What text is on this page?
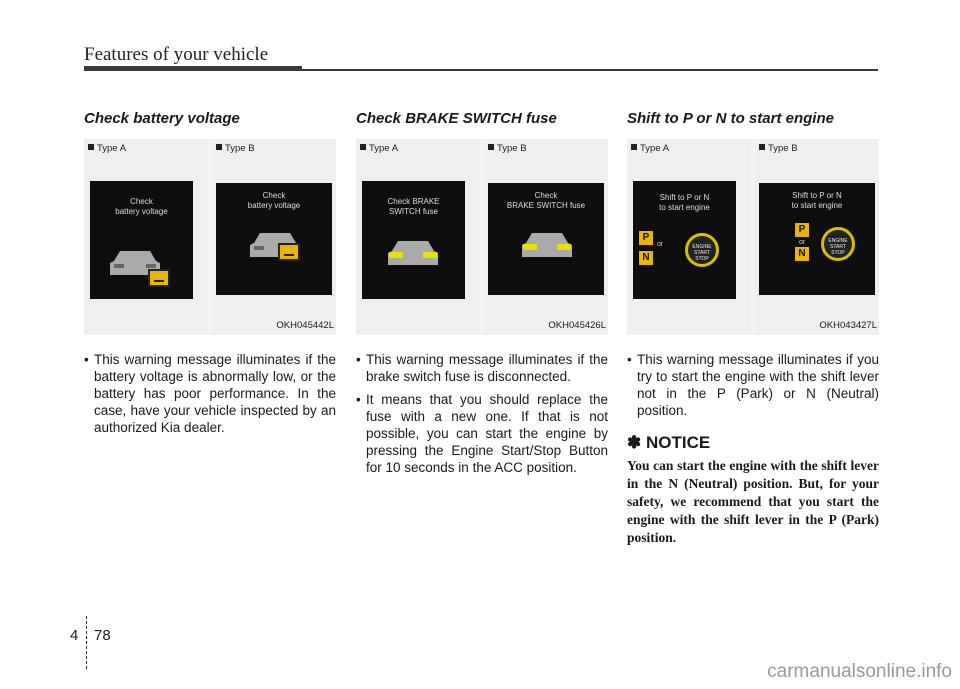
Features of your vehicle
Check battery voltage
Type A
Check
battery voltage
Type B
Check
battery voltage
OKH045442L
• This warning message illuminates if the battery voltage is abnormally low, or the battery has poor performance. In the case, have your vehicle inspected by an authorized Kia dealer.
Check BRAKE SWITCH fuse
Type A
Check BRAKE
SWITCH fuse
Type B
Check
BRAKE SWITCH fuse
OKH045426L
• This warning message illuminates if the brake switch fuse is disconnected.
• It means that you should replace the fuse with a new one. If that is not possible, you can start the engine by pressing the Engine Start/Stop Button for 10 seconds in the ACC position.
Shift to P or N to start engine
Type A
Shift to P or N
to start engine
P
or
N
ENGINE START STOP
Type B
Shift to P or N
to start engine
P
or
N
ENGINE START STOP
OKH043427L
• This warning message illuminates if you try to start the engine with the shift lever not in the P (Park) or N (Neutral) position.
✽ NOTICE
You can start the engine with the shift lever in the N (Neutral) position. But, for your safety, we recommend that you start the engine with the shift lever in the P (Park) position.
4 78
carmanualsonline.info
